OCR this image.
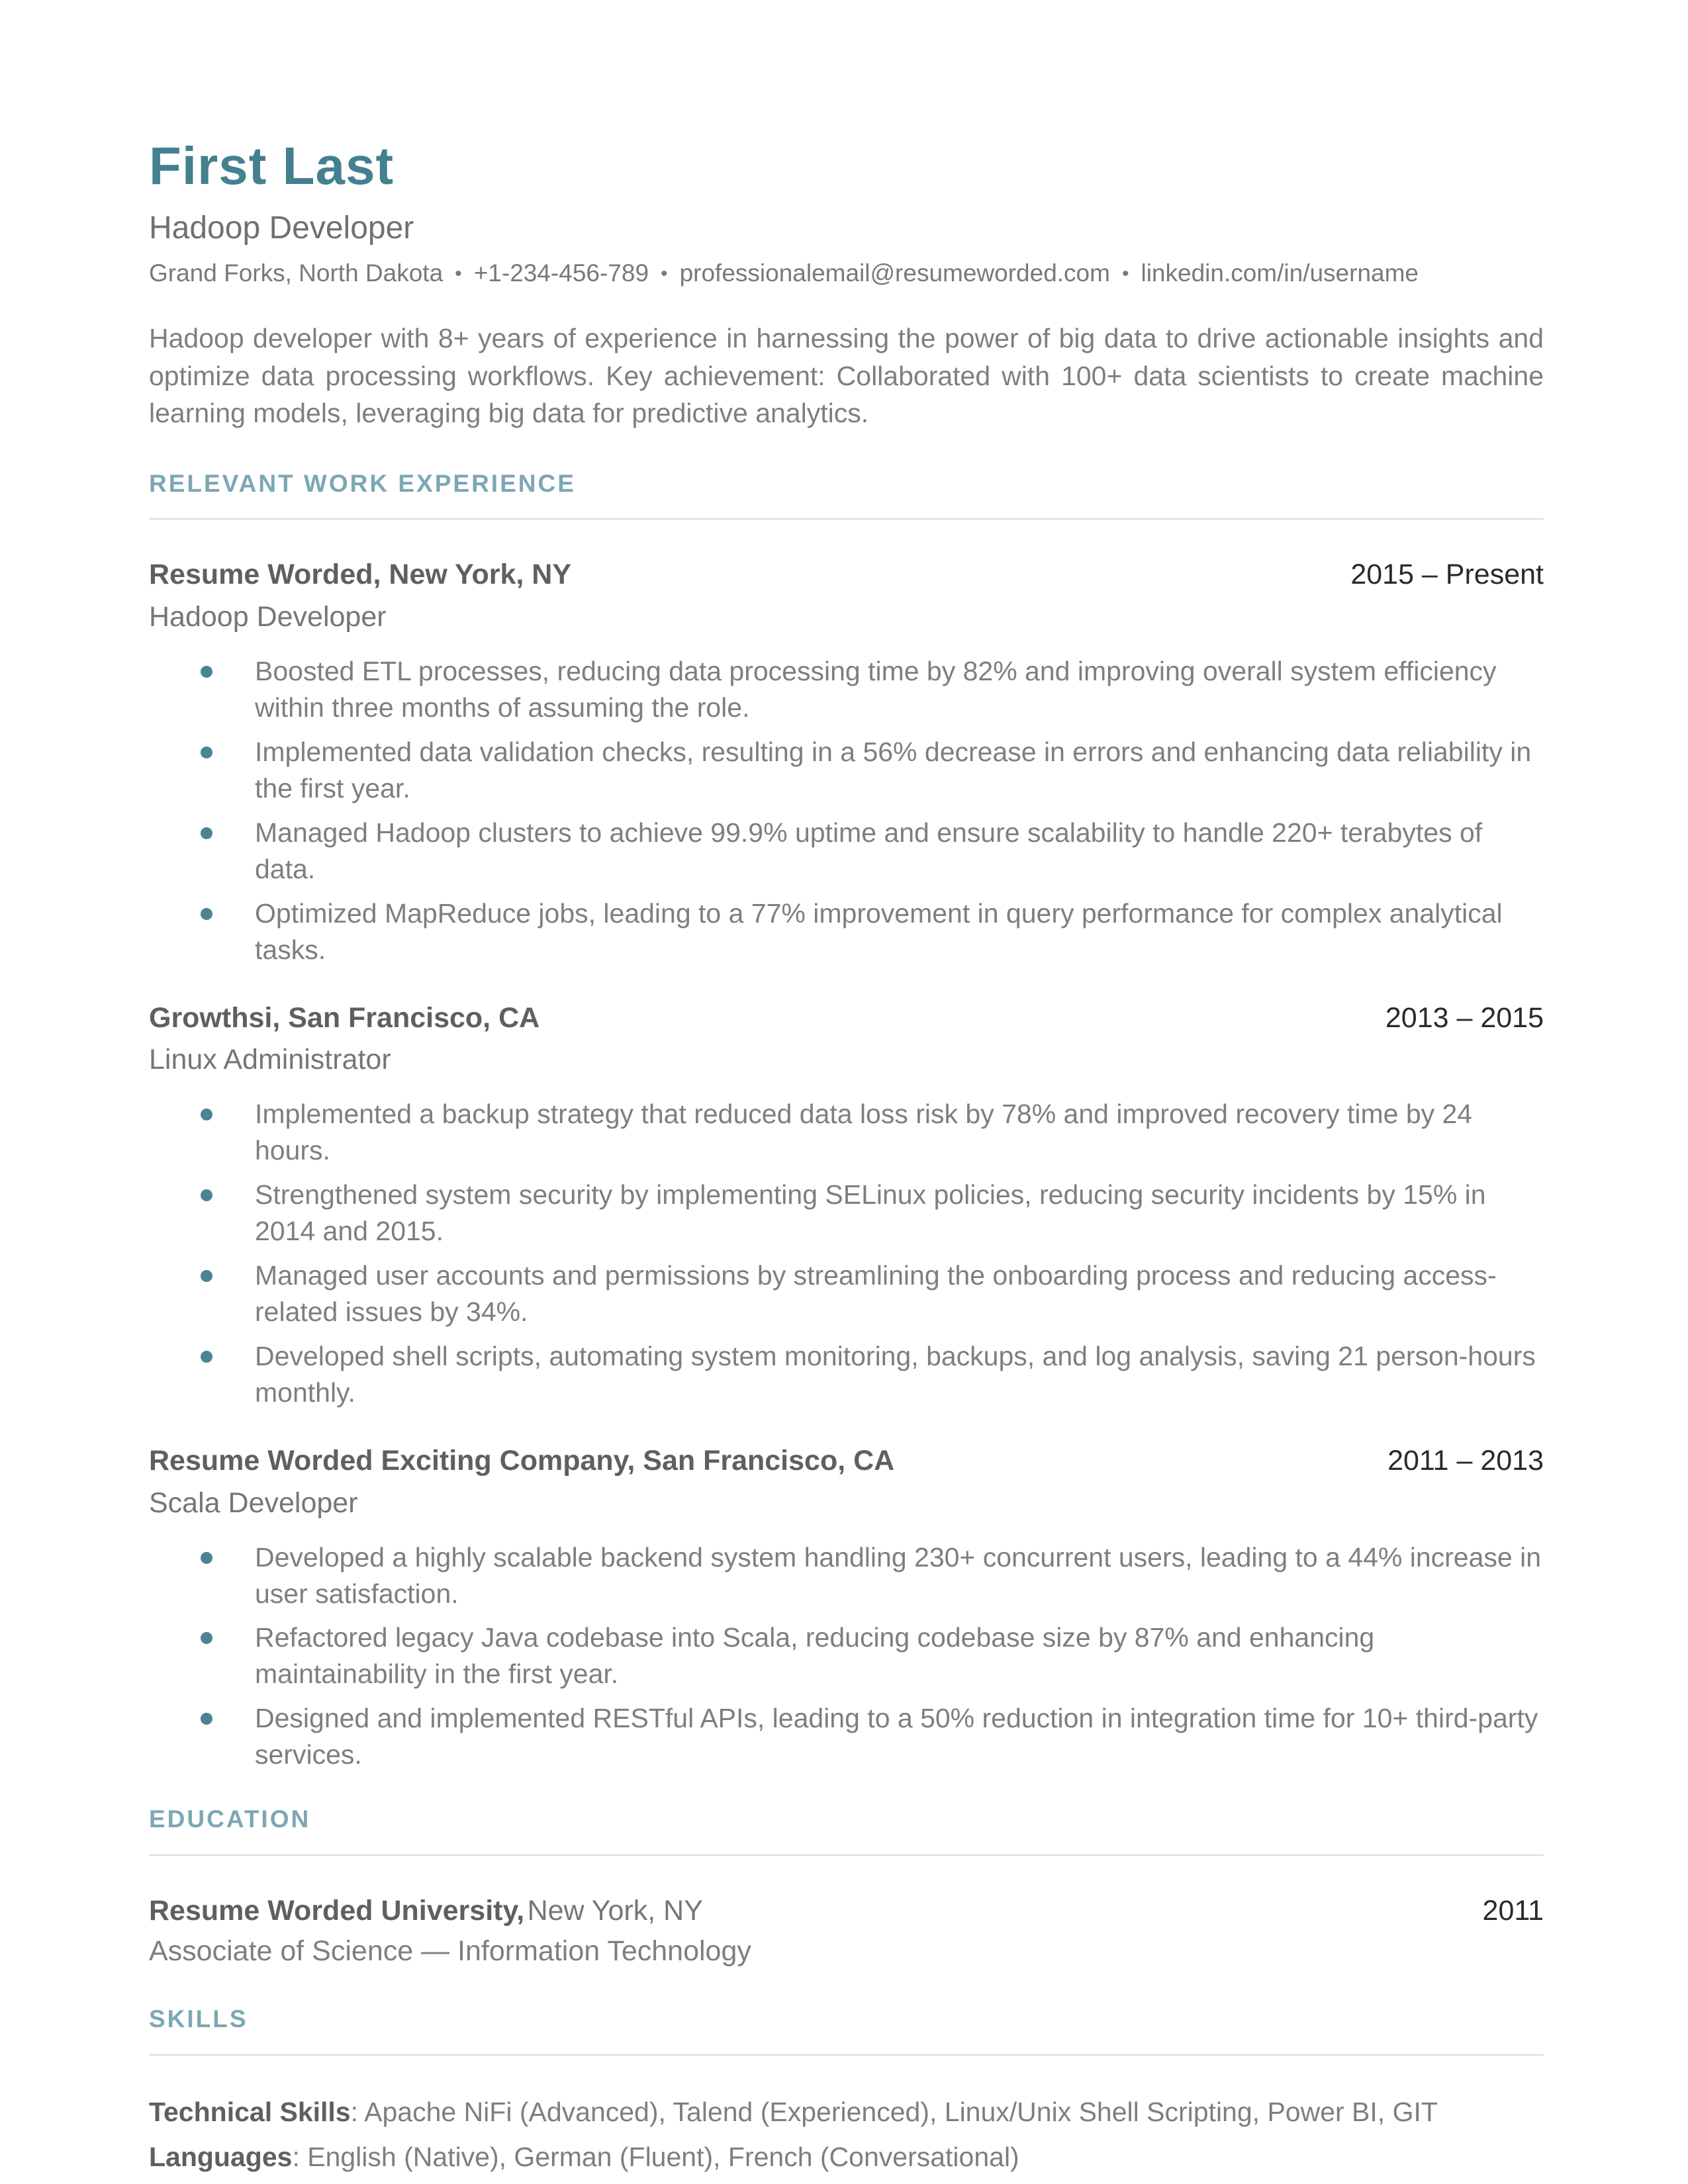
First Last
Hadoop Developer
Grand Forks, North Dakota • +1-234-456-789 • professionalemail@resumeworded.com • linkedin.com/in/username

Hadoop developer with 8+ years of experience in harnessing the power of big data to drive actionable insights and optimize data processing workflows. Key achievement: Collaborated with 100+ data scientists to create machine learning models, leveraging big data for predictive analytics.

RELEVANT WORK EXPERIENCE
Resume Worded, New York, NY	2015 – Present
Hadoop Developer
Boosted ETL processes, reducing data processing time by 82% and improving overall system efficiency within three months of assuming the role.
Implemented data validation checks, resulting in a 56% decrease in errors and enhancing data reliability in the first year.
Managed Hadoop clusters to achieve 99.9% uptime and ensure scalability to handle 220+ terabytes of data.
Optimized MapReduce jobs, leading to a 77% improvement in query performance for complex analytical tasks.
Growthsi, San Francisco, CA	2013 – 2015
Linux Administrator
Implemented a backup strategy that reduced data loss risk by 78% and improved recovery time by 24 hours.
Strengthened system security by implementing SELinux policies, reducing security incidents by 15% in 2014 and 2015.
Managed user accounts and permissions by streamlining the onboarding process and reducing access-related issues by 34%.
Developed shell scripts, automating system monitoring, backups, and log analysis, saving 21 person-hours monthly.
Resume Worded Exciting Company, San Francisco, CA	2011 – 2013
Scala Developer
Developed a highly scalable backend system handling 230+ concurrent users, leading to a 44% increase in user satisfaction.
Refactored legacy Java codebase into Scala, reducing codebase size by 87% and enhancing maintainability in the first year.
Designed and implemented RESTful APIs, leading to a 50% reduction in integration time for 10+ third-party services.
EDUCATION
Resume Worded University, New York, NY	2011
Associate of Science — Information Technology
SKILLS
Technical Skills: Apache NiFi (Advanced), Talend (Experienced), Linux/Unix Shell Scripting, Power BI, GIT
Languages: English (Native), German (Fluent), French (Conversational)
